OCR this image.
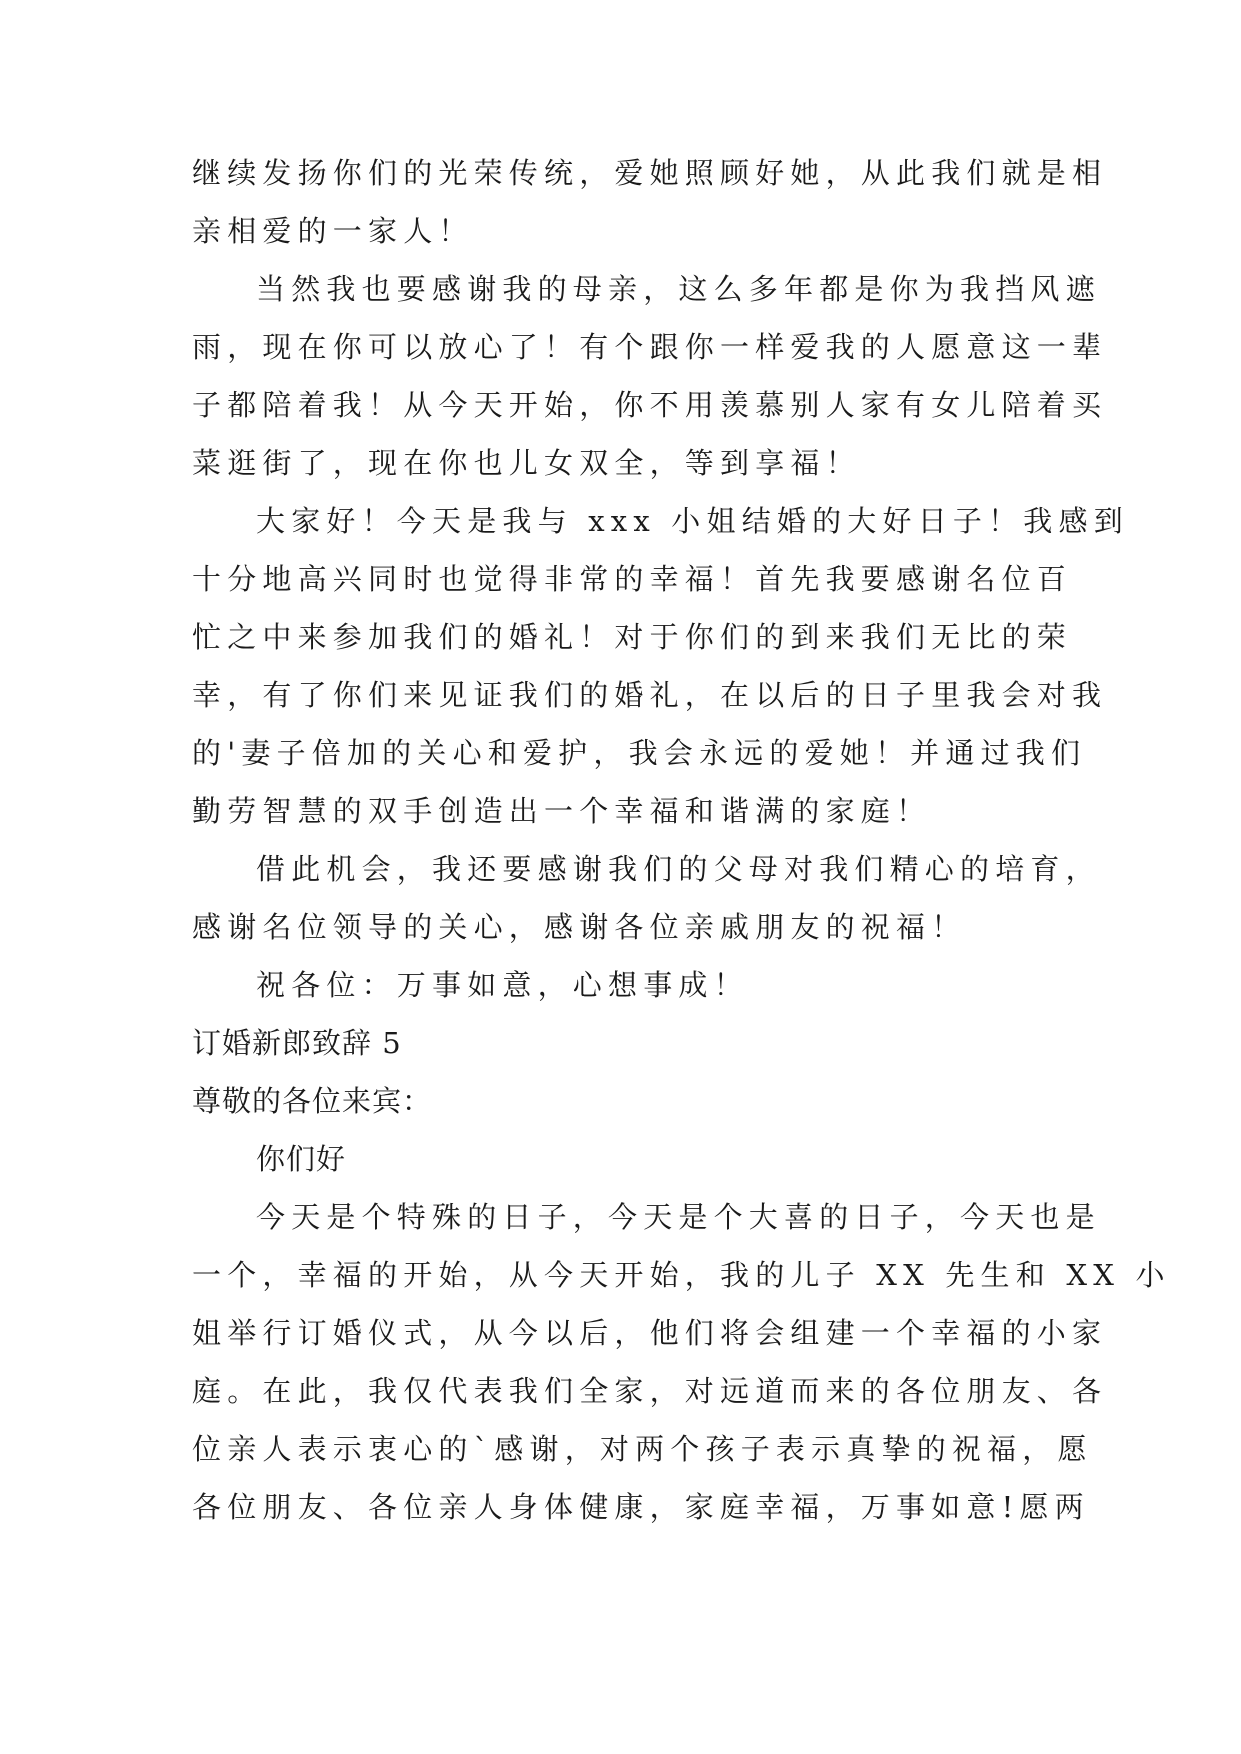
继续发扬你们的光荣传统，爱她照顾好她，从此我们就是相
亲相爱的一家人！
当然我也要感谢我的母亲，这么多年都是你为我挡风遮
雨，现在你可以放心了！有个跟你一样爱我的人愿意这一辈
子都陪着我！从今天开始，你不用羡慕别人家有女儿陪着买
菜逛街了，现在你也儿女双全，等到享福！
大家好！今天是我与 xxx 小姐结婚的大好日子！我感到
十分地高兴同时也觉得非常的幸福！首先我要感谢名位百
忙之中来参加我们的婚礼！对于你们的到来我们无比的荣
幸，有了你们来见证我们的婚礼，在以后的日子里我会对我
的'妻子倍加的关心和爱护，我会永远的爱她！并通过我们
勤劳智慧的双手创造出一个幸福和谐满的家庭！
借此机会，我还要感谢我们的父母对我们精心的培育，
感谢名位领导的关心，感谢各位亲戚朋友的祝福！
祝各位：万事如意，心想事成！
订婚新郎致辞 5
尊敬的各位来宾：
你们好
今天是个特殊的日子，今天是个大喜的日子，今天也是
一个，幸福的开始，从今天开始，我的儿子 XX 先生和 XX 小
姐举行订婚仪式，从今以后，他们将会组建一个幸福的小家
庭。在此，我仅代表我们全家，对远道而来的各位朋友、各
位亲人表示衷心的`感谢，对两个孩子表示真挚的祝福，愿
各位朋友、各位亲人身体健康，家庭幸福，万事如意!愿两
